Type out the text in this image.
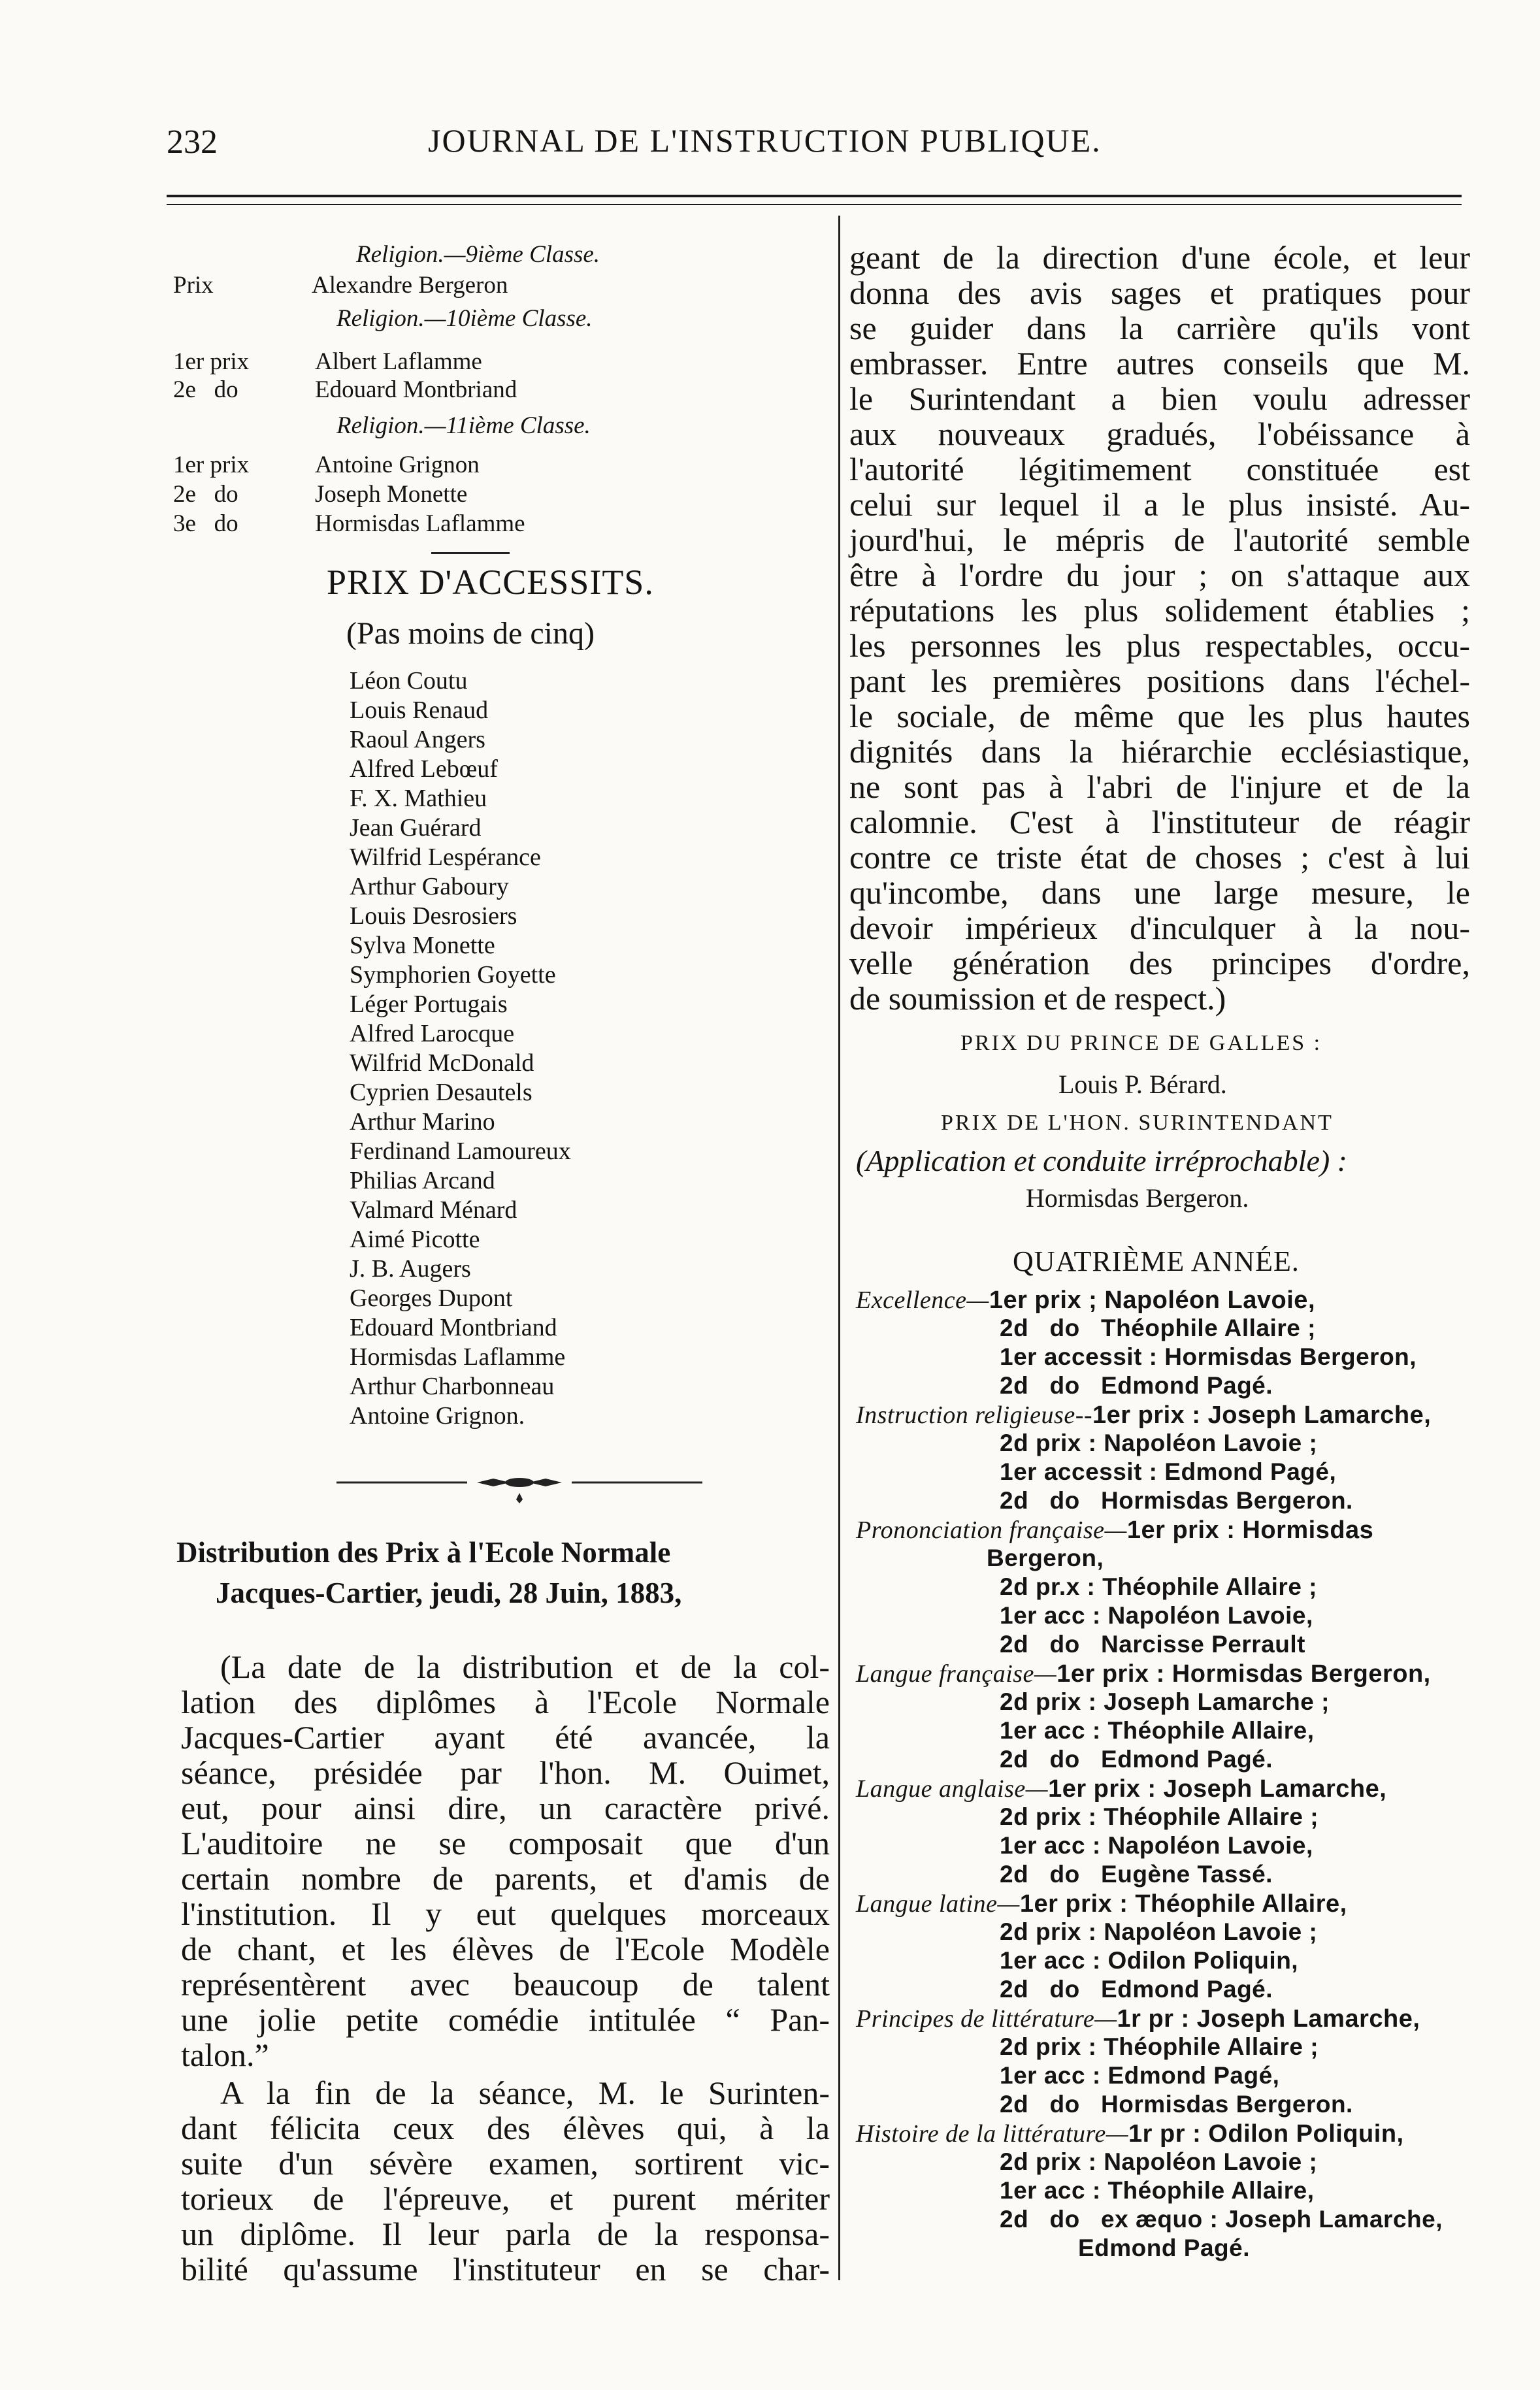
232	JOURNAL DE L'INSTRUCTION PUBLIQUE.
Religion.—9ième Classe.
Prix	Alexandre Bergeron
Religion.—10ième Classe.
1er prix	Albert Laflamme
2e   do	Edouard Montbriand
Religion.—11ième Classe.
1er prix	Antoine Grignon
2e   do	Joseph Monette
3e   do	Hormisdas Laflamme
PRIX D'ACCESSITS.
(Pas moins de cinq)
Léon Coutu
Louis Renaud
Raoul Angers
Alfred Lebœuf
F. X. Mathieu
Jean Guérard
Wilfrid Lespérance
Arthur Gaboury
Louis Desrosiers
Sylva Monette
Symphorien Goyette
Léger Portugais
Alfred Larocque
Wilfrid McDonald
Cyprien Desautels
Arthur Marino
Ferdinand Lamoureux
Philias Arcand
Valmard Ménard
Aimé Picotte
J. B. Augers
Georges Dupont
Edouard Montbriand
Hormisdas Laflamme
Arthur Charbonneau
Antoine Grignon.
Distribution des Prix à l'Ecole Normale
Jacques-Cartier, jeudi, 28 Juin, 1883,
(La date de la distribution et de la col-
lation des diplômes à l'Ecole Normale
Jacques-Cartier ayant été avancée, la
séance, présidée par l'hon. M. Ouimet,
eut, pour ainsi dire, un caractère privé.
L'auditoire ne se composait que d'un
certain nombre de parents, et d'amis de
l'institution. Il y eut quelques morceaux
de chant, et les élèves de l'Ecole Modèle
représentèrent avec beaucoup de talent
une jolie petite comédie intitulée “ Pan-
talon.”
A la fin de la séance, M. le Surinten-
dant félicita ceux des élèves qui, à la
suite d'un sévère examen, sortirent vic-
torieux de l'épreuve, et purent mériter
un diplôme. Il leur parla de la responsa-
bilité qu'assume l'instituteur en se char-
geant de la direction d'une école, et leur
donna des avis sages et pratiques pour
se guider dans la carrière qu'ils vont
embrasser. Entre autres conseils que M.
le Surintendant a bien voulu adresser
aux nouveaux gradués, l'obéissance à
l'autorité légitimement constituée est
celui sur lequel il a le plus insisté. Au-
jourd'hui, le mépris de l'autorité semble
être à l'ordre du jour ; on s'attaque aux
réputations les plus solidement établies ;
les personnes les plus respectables, occu-
pant les premières positions dans l'échel-
le sociale, de même que les plus hautes
dignités dans la hiérarchie ecclésiastique,
ne sont pas à l'abri de l'injure et de la
calomnie. C'est à l'instituteur de réagir
contre ce triste état de choses ; c'est à lui
qu'incombe, dans une large mesure, le
devoir impérieux d'inculquer à la nou-
velle génération des principes d'ordre,
de soumission et de respect.)
PRIX DU PRINCE DE GALLES :
Louis P. Bérard.
PRIX DE L'HON. SURINTENDANT
(Application et conduite irréprochable) :
Hormisdas Bergeron.
QUATRIÈME ANNÉE.
Excellence—1er prix ; Napoléon Lavoie,
2d   do   Théophile Allaire ;
1er accessit : Hormisdas Bergeron,
2d   do   Edmond Pagé.
Instruction religieuse--1er prix : Joseph Lamarche,
2d prix : Napoléon Lavoie ;
1er accessit : Edmond Pagé,
2d   do   Hormisdas Bergeron.
Prononciation française—1er prix : Hormisdas
Bergeron,
2d pr.x : Théophile Allaire ;
1er acc : Napoléon Lavoie,
2d   do   Narcisse Perrault
Langue française—1er prix : Hormisdas Bergeron,
2d prix : Joseph Lamarche ;
1er acc : Théophile Allaire,
2d   do   Edmond Pagé.
Langue anglaise—1er prix : Joseph Lamarche,
2d prix : Théophile Allaire ;
1er acc : Napoléon Lavoie,
2d   do   Eugène Tassé.
Langue latine—1er prix : Théophile Allaire,
2d prix : Napoléon Lavoie ;
1er acc : Odilon Poliquin,
2d   do   Edmond Pagé.
Principes de littérature—1r pr : Joseph Lamarche,
2d prix : Théophile Allaire ;
1er acc : Edmond Pagé,
2d   do   Hormisdas Bergeron.
Histoire de la littérature—1r pr : Odilon Poliquin,
2d prix : Napoléon Lavoie ;
1er acc : Théophile Allaire,
2d   do   ex æquo : Joseph Lamarche,
Edmond Pagé.
